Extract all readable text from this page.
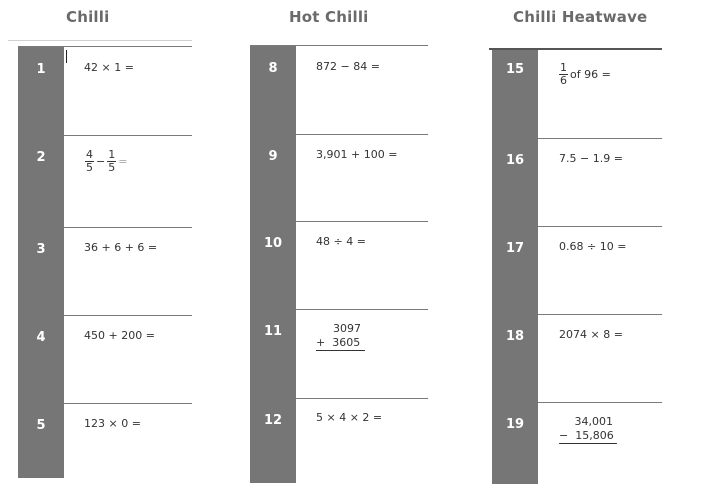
Chilli	Hot Chilli	Chilli Heatwave
1	42 × 1 =
2	$\frac{4}{5} - \frac{1}{5}$ =
3	36 + 6 + 6 =
4	450 + 200 =
5	123 × 0 =
8	872 − 84 =
9	3,901 + 100 =
10	48 ÷ 4 =
11	3097
+  3605
12	5 × 4 × 2 =
15	$\frac{1}{6}$ of 96 =
16	7.5 − 1.9 =
17	0.68 ÷ 10 =
18	2074 × 8 =
19	34,001
−  15,806
